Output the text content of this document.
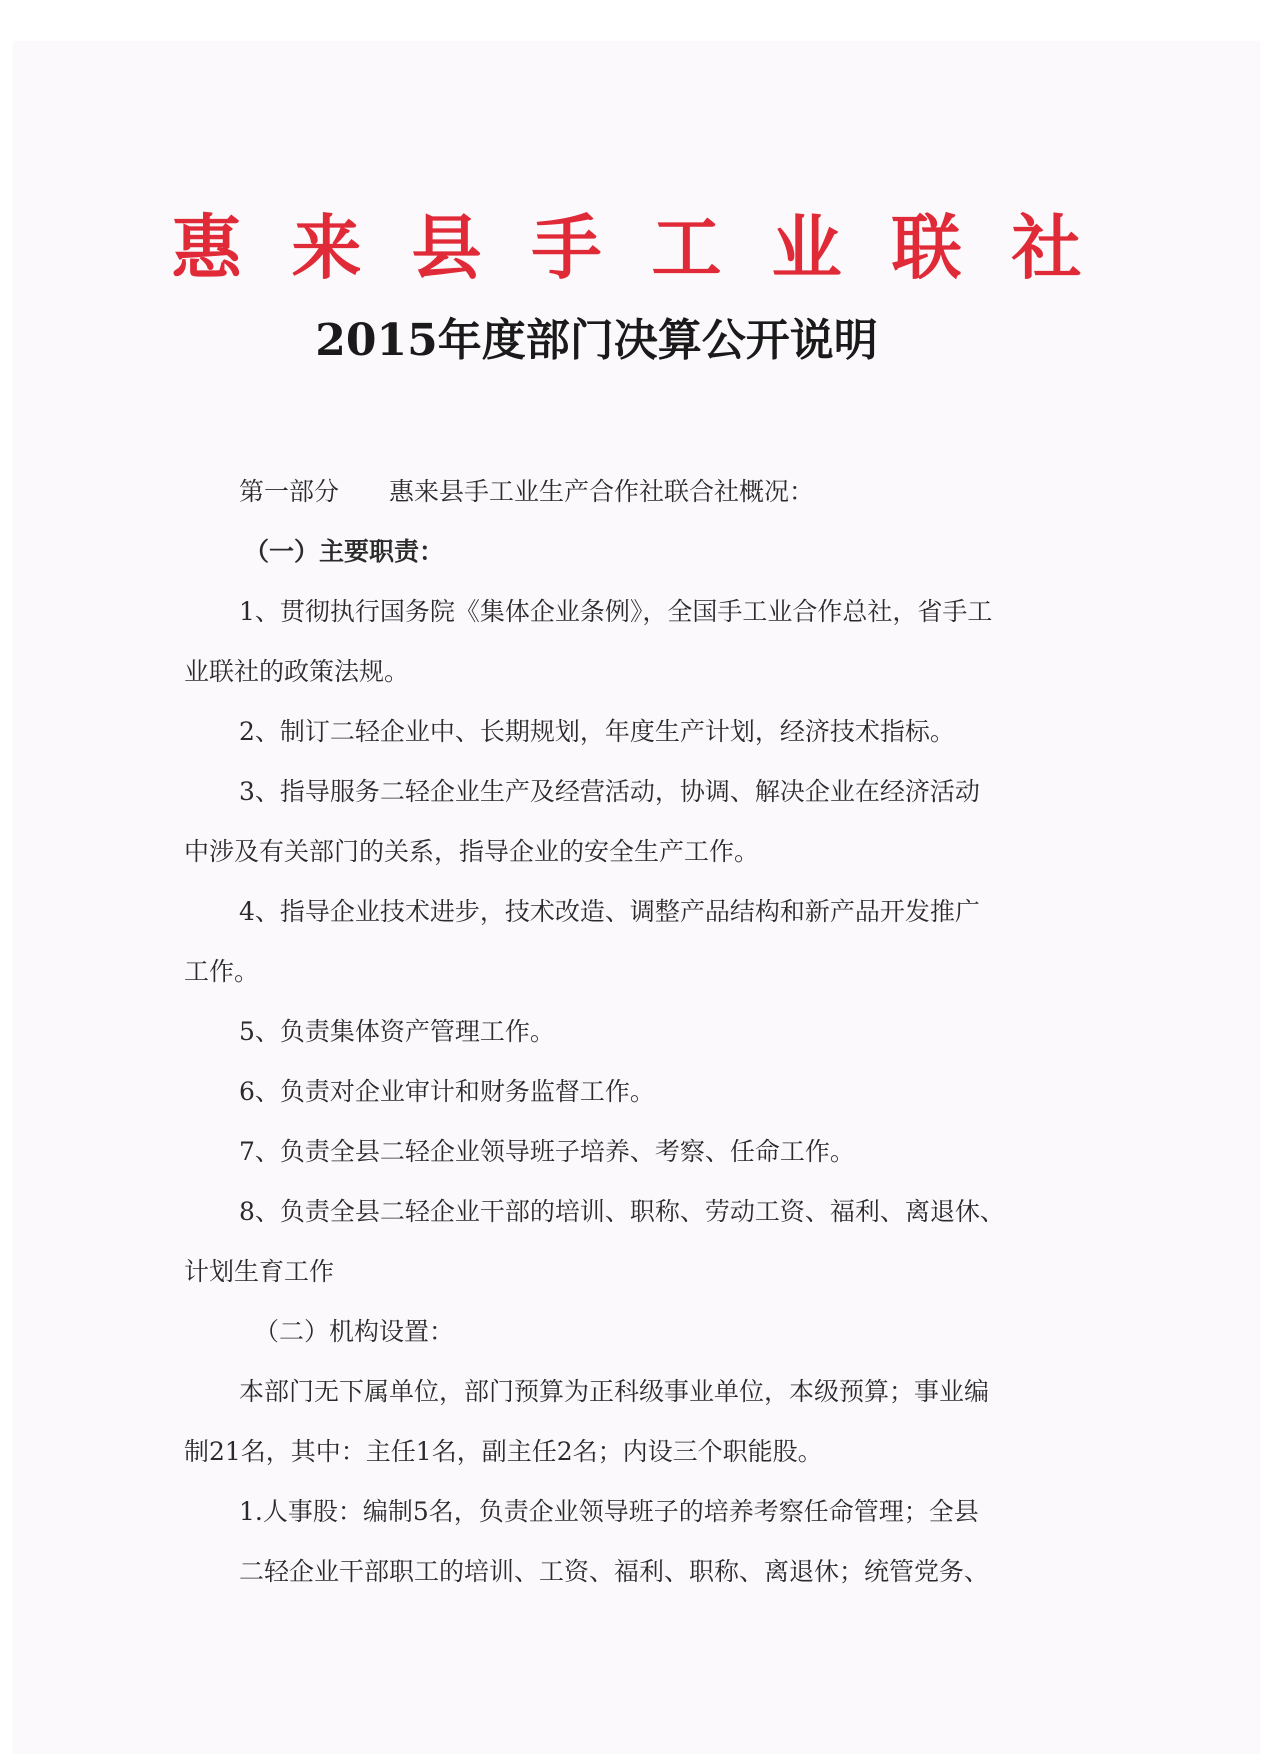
惠来县手工业联社
2015年度部门决算公开说明
第一部分 惠来县手工业生产合作社联合社概况：
（一）主要职责：
1、贯彻执行国务院《集体企业条例》，全国手工业合作总社，省手工
业联社的政策法规。
2、制订二轻企业中、长期规划，年度生产计划，经济技术指标。
3、指导服务二轻企业生产及经营活动，协调、解决企业在经济活动
中涉及有关部门的关系，指导企业的安全生产工作。
4、指导企业技术进步，技术改造、调整产品结构和新产品开发推广
工作。
5、负责集体资产管理工作。
6、负责对企业审计和财务监督工作。
7、负责全县二轻企业领导班子培养、考察、任命工作。
8、负责全县二轻企业干部的培训、职称、劳动工资、福利、离退休、
计划生育工作
（二）机构设置：
本部门无下属单位，部门预算为正科级事业单位，本级预算；事业编
制21名，其中：主任1名，副主任2名；内设三个职能股。
1.人事股：编制5名，负责企业领导班子的培养考察任命管理；全县
二轻企业干部职工的培训、工资、福利、职称、离退休；统管党务、
